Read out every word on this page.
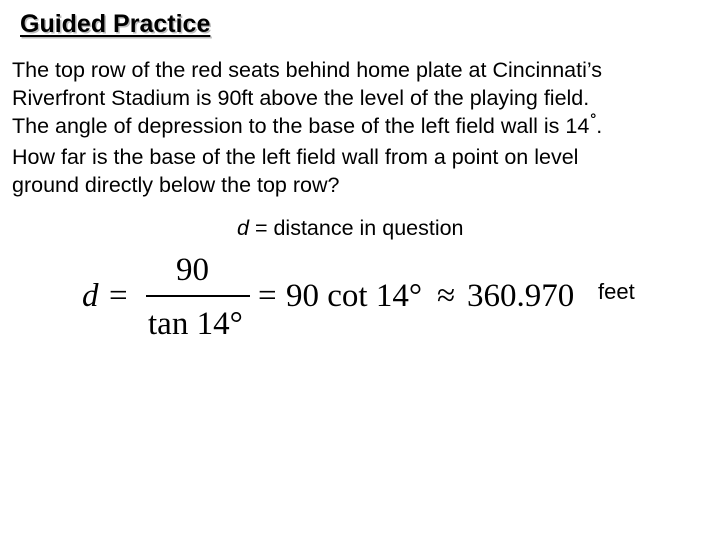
Guided Practice
The top row of the red seats behind home plate at Cincinnati’s
Riverfront Stadium is 90ft above the level of the playing field.
The angle of depression to the base of the left field wall is 14°.
How far is the base of the left field wall from a point on level
ground directly below the top row?
d = distance in question
d =
90
tan 14°
= 90 cot 14° ≈ 360.970 feet
